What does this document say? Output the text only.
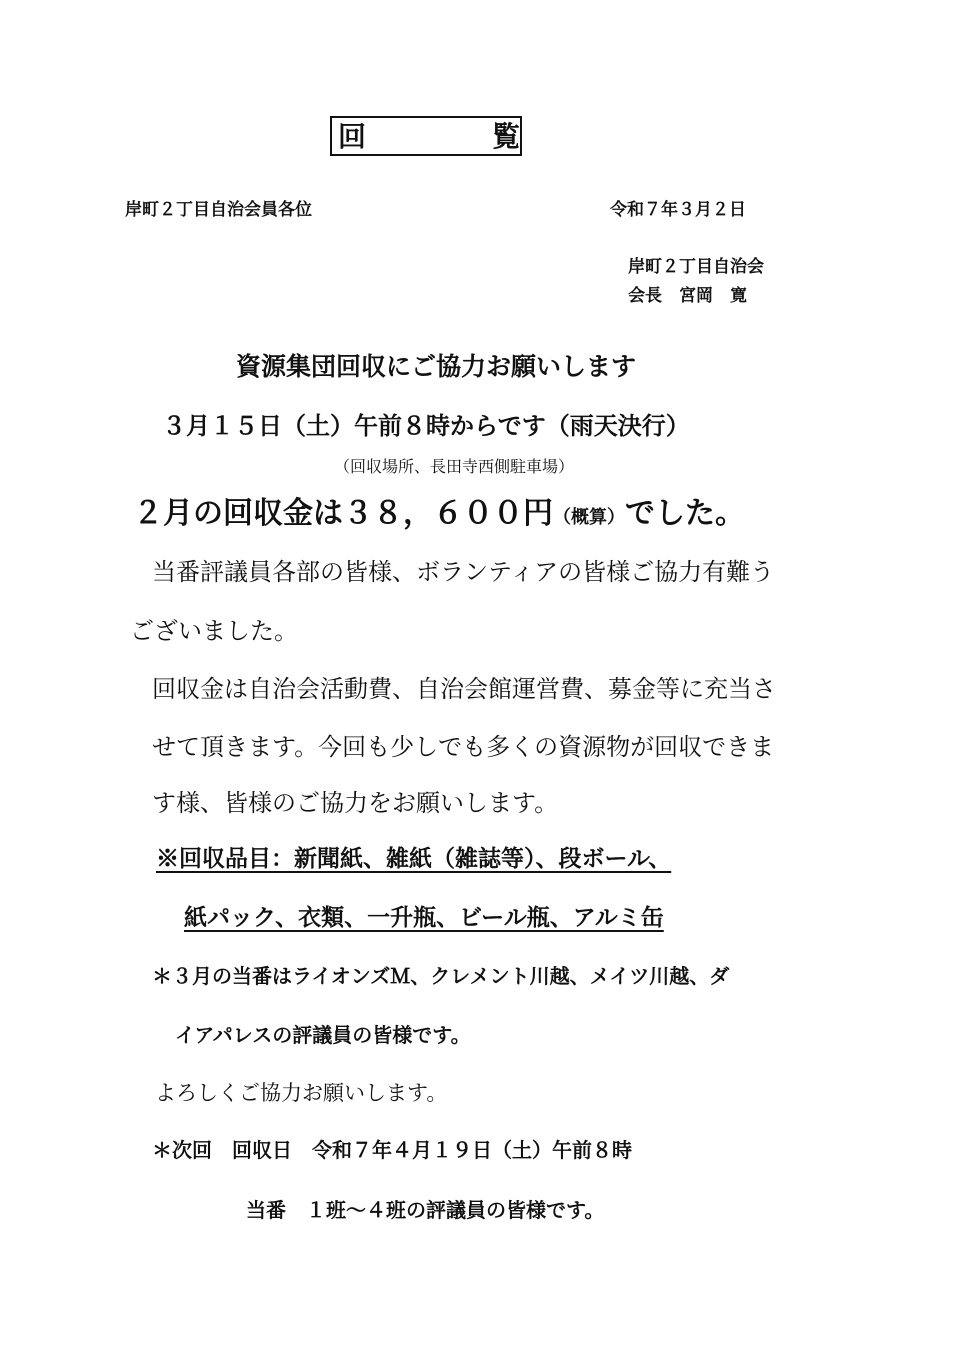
回	覧
岸町２丁目自治会員各位	令和７年３月２日
岸町２丁目自治会
会長　宮岡　寛
資源集団回収にご協力お願いします
３月１５日（土）午前８時からです（雨天決行）
（回収場所、長田寺西側駐車場）
２月の回収金は３８，６００円（概算）でした。
当番評議員各部の皆様、ボランティアの皆様ご協力有難う
ございました。
回収金は自治会活動費、自治会館運営費、募金等に充当さ
せて頂きます。今回も少しでも多くの資源物が回収できま
す様、皆様のご協力をお願いします。
※回収品目：新聞紙、雑紙（雑誌等）、段ボール、
紙パック、衣類、一升瓶、ビール瓶、アルミ缶
＊３月の当番はライオンズＭ、クレメント川越、メイツ川越、ダ
イアパレスの評議員の皆様です。
よろしくご協力お願いします。
＊次回　回収日　令和７年４月１９日（土）午前８時
当番　１班～４班の評議員の皆様です。
